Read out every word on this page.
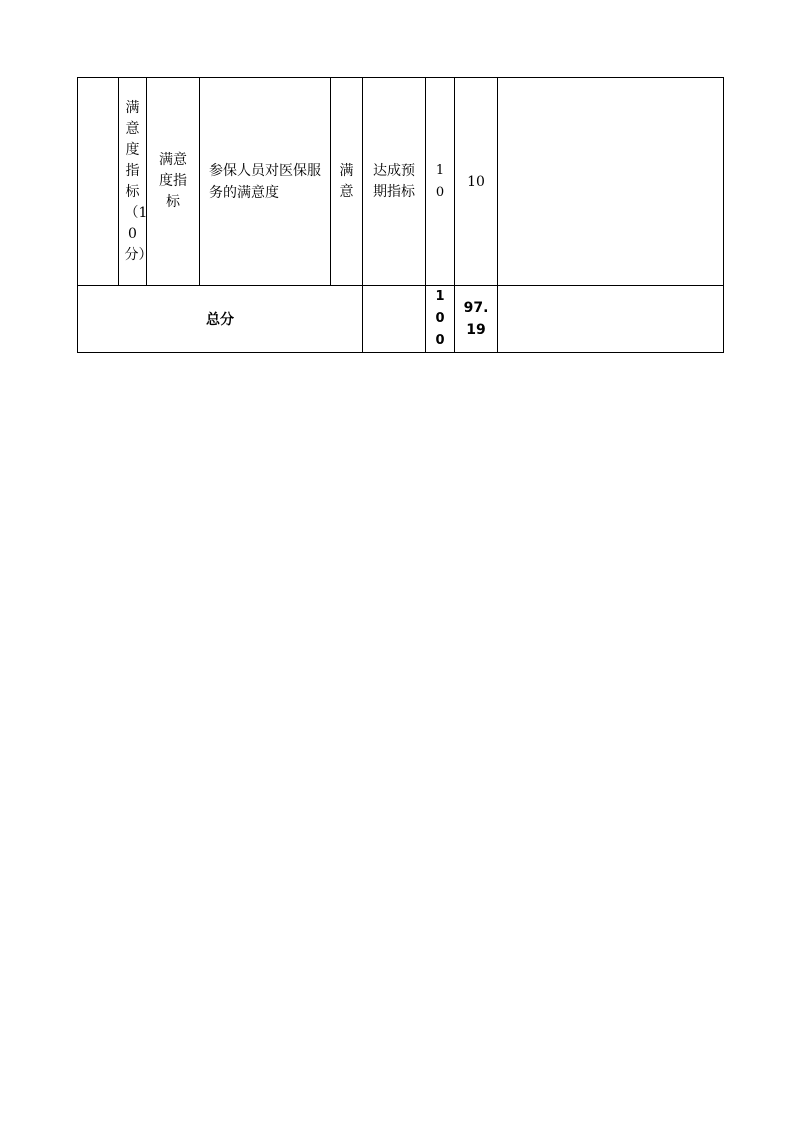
	满意度指标（10分）	满意度指标	参保人员对医保服务的满意度	满意	达成预期指标	10	10	
总分						100	97.19	
